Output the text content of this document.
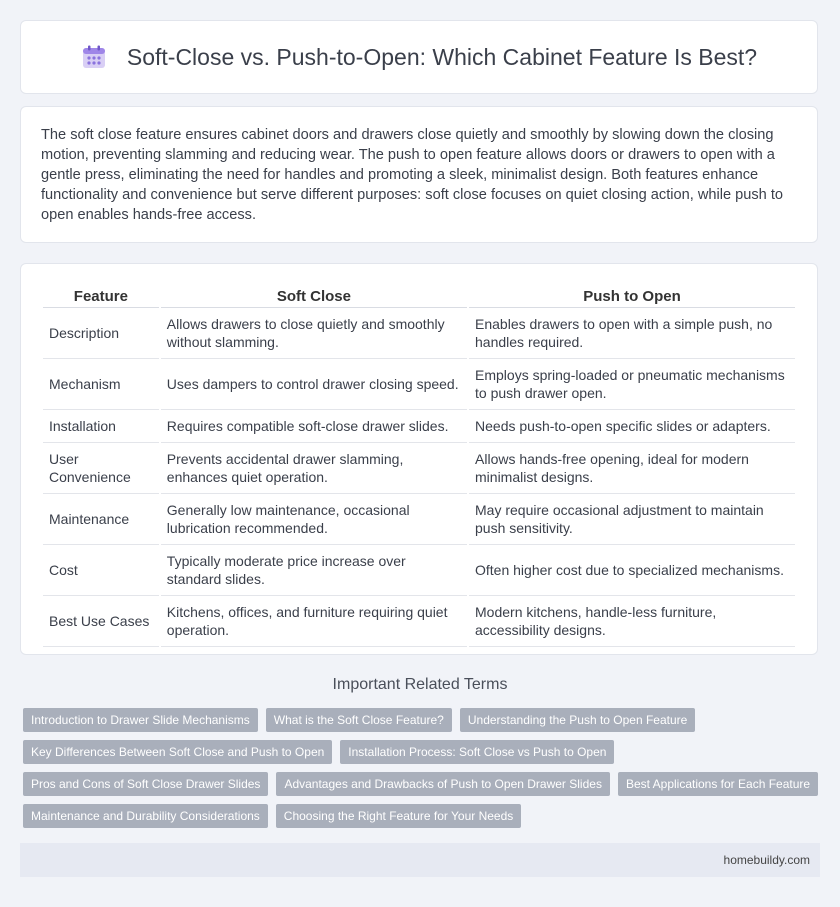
Soft-Close vs. Push-to-Open: Which Cabinet Feature Is Best?

The soft close feature ensures cabinet doors and drawers close quietly and smoothly by slowing down the closing motion, preventing slamming and reducing wear. The push to open feature allows doors or drawers to open with a gentle press, eliminating the need for handles and promoting a sleek, minimalist design. Both features enhance functionality and convenience but serve different purposes: soft close focuses on quiet closing action, while push to open enables hands-free access.

Feature	Soft Close	Push to Open
Description	Allows drawers to close quietly and smoothly without slamming.	Enables drawers to open with a simple push, no handles required.
Mechanism	Uses dampers to control drawer closing speed.	Employs spring-loaded or pneumatic mechanisms to push drawer open.
Installation	Requires compatible soft-close drawer slides.	Needs push-to-open specific slides or adapters.
User Convenience	Prevents accidental drawer slamming, enhances quiet operation.	Allows hands-free opening, ideal for modern minimalist designs.
Maintenance	Generally low maintenance, occasional lubrication recommended.	May require occasional adjustment to maintain push sensitivity.
Cost	Typically moderate price increase over standard slides.	Often higher cost due to specialized mechanisms.
Best Use Cases	Kitchens, offices, and furniture requiring quiet operation.	Modern kitchens, handle-less furniture, accessibility designs.
Important Related Terms
Introduction to Drawer Slide Mechanisms	What is the Soft Close Feature?	Understanding the Push to Open Feature
Key Differences Between Soft Close and Push to Open	Installation Process: Soft Close vs Push to Open
Pros and Cons of Soft Close Drawer Slides	Advantages and Drawbacks of Push to Open Drawer Slides	Best Applications for Each Feature
Maintenance and Durability Considerations	Choosing the Right Feature for Your Needs
homebuildy.com
